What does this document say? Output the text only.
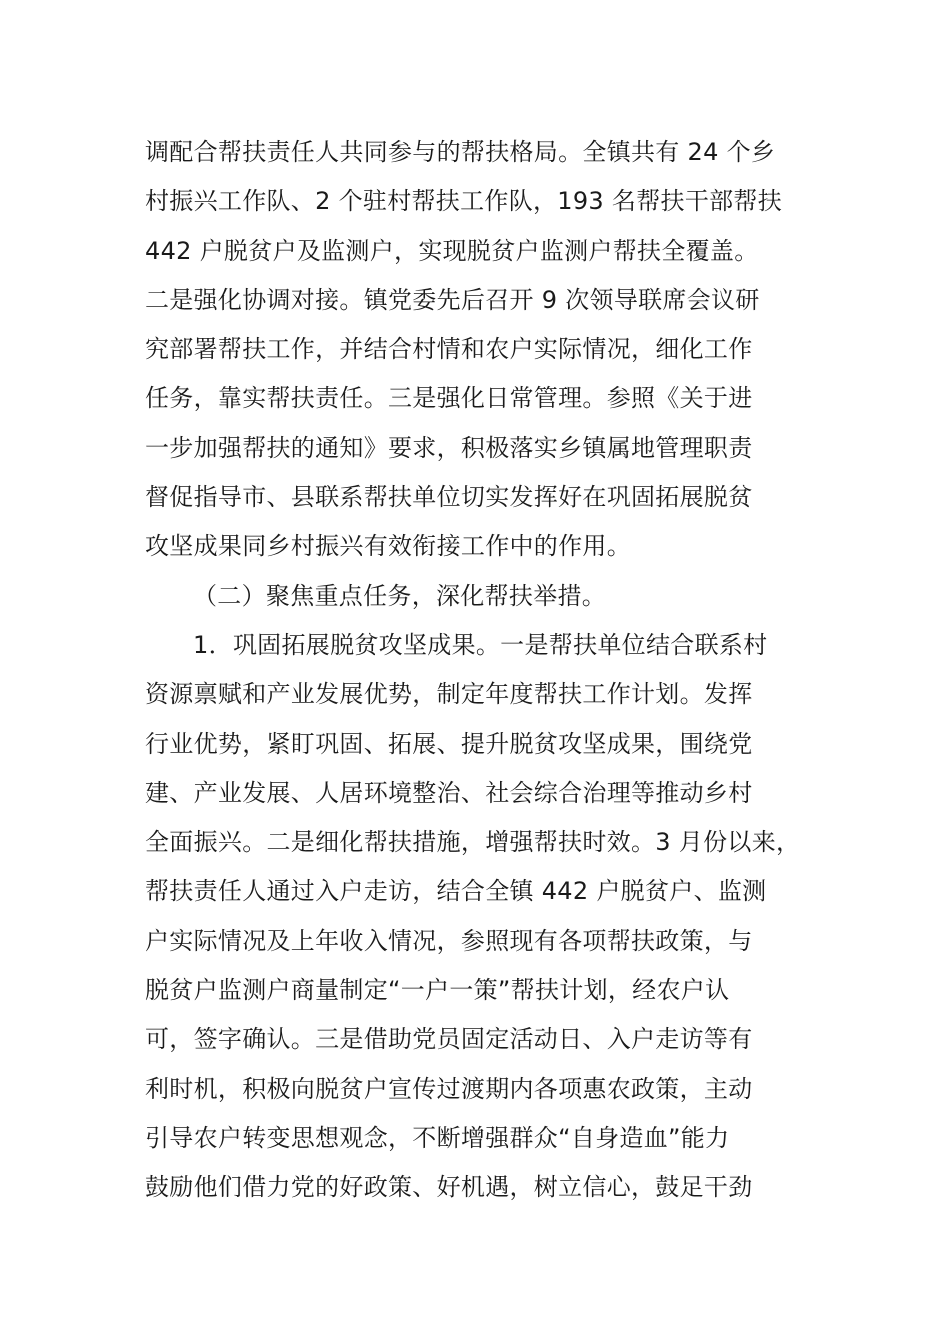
调配合帮扶责任人共同参与的帮扶格局。全镇共有 24 个乡
村振兴工作队、2 个驻村帮扶工作队，193 名帮扶干部帮扶
442 户脱贫户及监测户，实现脱贫户监测户帮扶全覆盖。
二是强化协调对接。镇党委先后召开 9 次领导联席会议研
究部署帮扶工作，并结合村情和农户实际情况，细化工作
任务，靠实帮扶责任。三是强化日常管理。参照《关于进
一步加强帮扶的通知》要求，积极落实乡镇属地管理职责
督促指导市、县联系帮扶单位切实发挥好在巩固拓展脱贫
攻坚成果同乡村振兴有效衔接工作中的作用。
（二）聚焦重点任务，深化帮扶举措。
1．巩固拓展脱贫攻坚成果。一是帮扶单位结合联系村
资源禀赋和产业发展优势，制定年度帮扶工作计划。发挥
行业优势，紧盯巩固、拓展、提升脱贫攻坚成果，围绕党
建、产业发展、人居环境整治、社会综合治理等推动乡村
全面振兴。二是细化帮扶措施，增强帮扶时效。3 月份以来，
帮扶责任人通过入户走访，结合全镇 442 户脱贫户、监测
户实际情况及上年收入情况，参照现有各项帮扶政策，与
脱贫户监测户商量制定“一户一策”帮扶计划，经农户认
可，签字确认。三是借助党员固定活动日、入户走访等有
利时机，积极向脱贫户宣传过渡期内各项惠农政策，主动
引导农户转变思想观念，不断增强群众“自身造血”能力
鼓励他们借力党的好政策、好机遇，树立信心，鼓足干劲
